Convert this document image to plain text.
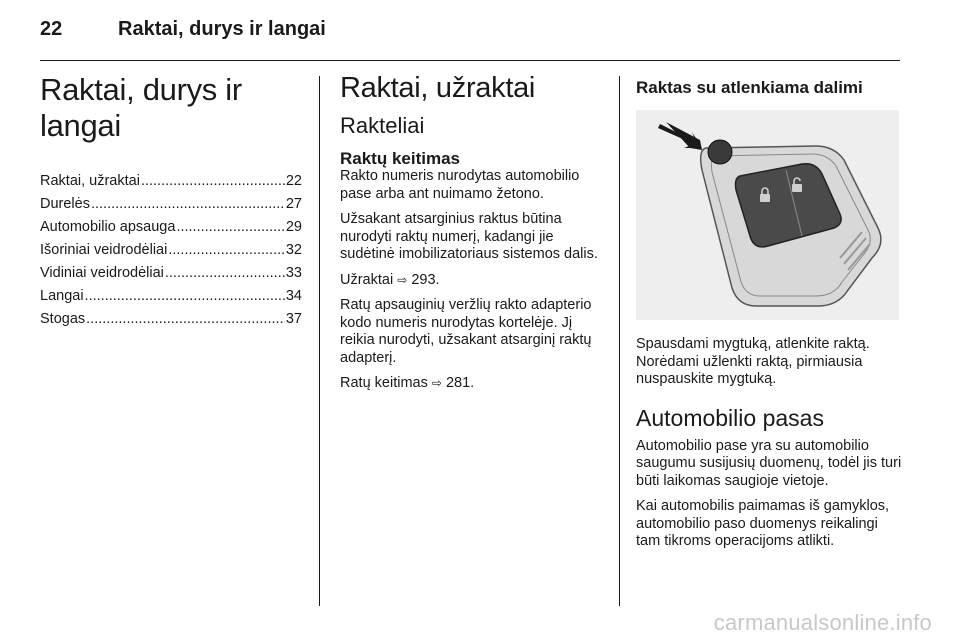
22	Raktai, durys ir langai
Raktai, durys ir langai
Raktai, užraktai .....	22
Durelės .....	27
Automobilio apsauga .....	29
Išoriniai veidrodėliai .....	32
Vidiniai veidrodėliai .....	33
Langai .....	34
Stogas .....	37
Raktai, užraktai
Rakteliai
Raktų keitimas

Rakto numeris nurodytas automobilio pase arba ant nuimamo žetono.

Užsakant atsarginius raktus būtina nurodyti raktų numerį, kadangi jie sudėtinė imobilizatoriaus sistemos dalis.

Užraktai ⇨ 293.

Ratų apsauginių veržlių rakto adapterio kodo numeris nurodytas kortelėje. Jį reikia nurodyti, užsakant atsarginį raktų adapterį.

Ratų keitimas ⇨ 281.

Raktas su atlenkiama dalimi

Spausdami mygtuką, atlenkite raktą. Norėdami užlenkti raktą, pirmiausia nuspauskite mygtuką.

Automobilio pasas

Automobilio pase yra su automobilio saugumu susijusių duomenų, todėl jis turi būti laikomas saugioje vietoje.

Kai automobilis paimamas iš gamyklos, automobilio paso duomenys reikalingi tam tikroms operacijoms atlikti.

carmanualsonline.info
